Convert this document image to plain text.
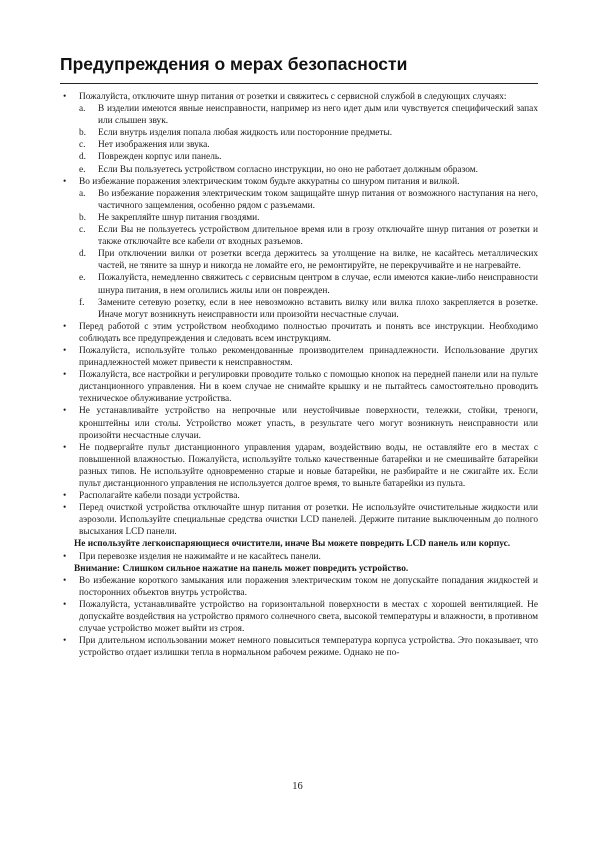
Предупреждения о мерах безопасности
• Пожалуйста, отключите шнур питания от розетки и свяжитесь с сервисной службой в следующих случаях:
a. В изделии имеются явные неисправности, например из него идет дым или чувствуется специфический запах или слышен звук.
b. Если внутрь изделия попала любая жидкость или посторонние предметы.
c. Нет изображения или звука.
d. Поврежден корпус или панель.
e. Если Вы пользуетесь устройством согласно инструкции, но оно не работает должным образом.
• Во избежание поражения электрическим током будьте аккуратны со шнуром питания и вилкой.
a. Во избежание поражения электрическим током защищайте шнур питания от возможного наступания на него, частичного защемления, особенно рядом с разъемами.
b. Не закрепляйте шнур питания гвоздями.
c. Если Вы не пользуетесь устройством длительное время или в грозу отключайте шнур питания от розетки и также отключайте все кабели от входных разъемов.
d. При отключении вилки от розетки всегда держитесь за утолщение на вилке, не касайтесь металлических частей, не тяните за шнур и никогда не ломайте его, не ремонтируйте, не перекручивайте и не нагревайте.
e. Пожалуйста, немедленно свяжитесь с сервисным центром в случае, если имеются какие-либо неисправности шнура питания, в нем оголились жилы или он поврежден.
f. Замените сетевую розетку, если в нее невозможно вставить вилку или вилка плохо закрепляется в розетке. Иначе могут возникнуть неисправности или произойти несчастные случаи.
• Перед работой с этим устройством необходимо полностью прочитать и понять все инструкции. Необходимо соблюдать все предупреждения и следовать всем инструкциям.
• Пожалуйста, используйте только рекомендованные производителем принадлежности. Использование других принадлежностей может привести к неисправностям.
• Пожалуйста, все настройки и регулировки проводите только с помощью кнопок на передней панели или на пульте дистанционного управления. Ни в коем случае не снимайте крышку и не пытайтесь самостоятельно проводить техническое облуживание устройства.
• Не устанавливайте устройство на непрочные или неустойчивые поверхности, тележки, стойки, треноги, кронштейны или столы. Устройство может упасть, в результате чего могут возникнуть неисправности или произойти несчастные случаи.
• Не подвергайте пульт дистанционного управления ударам, воздействию воды, не оставляйте его в местах с повышенной влажностью. Пожалуйста, используйте только качественные батарейки и не смешивайте батарейки разных типов. Не используйте одновременно старые и новые батарейки, не разбирайте и не сжигайте их. Если пульт дистанционного управления не используется долгое время, то выньте батарейки из пульта.
• Располагайте кабели позади устройства.
• Перед очисткой устройства отключайте шнур питания от розетки. Не используйте очистительные жидкости или аэрозоли. Используйте специальные средства очистки LCD панелей. Держите питание выключенным до полного высыхания LCD панели.
Не используйте легкоиспаряющиеся очистители, иначе Вы можете повредить LCD панель или корпус.
• При перевозке изделия не нажимайте и не касайтесь панели.
Внимание: Слишком сильное нажатие на панель может повредить устройство.
• Во избежание короткого замыкания или поражения электрическим током не допускайте попадания жидкостей и посторонних объектов внутрь устройства.
• Пожалуйста, устанавливайте устройство на горизонтальной поверхности в местах с хорошей вентиляцией. Не допускайте воздействия на устройство прямого солнечного света, высокой температуры и влажности, в противном случае устройство может выйти из строя.
• При длительном использовании может немного повыситься температура корпуса устройства. Это показывает, что устройство отдает излишки тепла в нормальном рабочем режиме. Однако не по-
16
